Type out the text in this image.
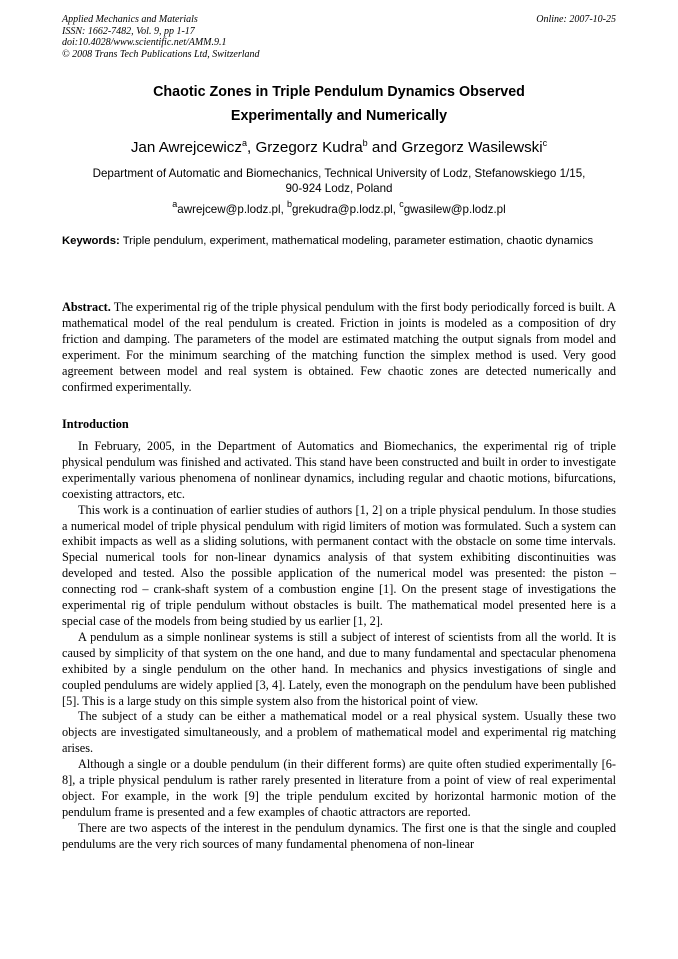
Applied Mechanics and Materials
ISSN: 1662-7482, Vol. 9, pp 1-17
doi:10.4028/www.scientific.net/AMM.9.1
© 2008 Trans Tech Publications Ltd, Switzerland
Online: 2007-10-25
Chaotic Zones in Triple Pendulum Dynamics Observed
Experimentally and Numerically
Jan Awrejcewicz$^a$, Grzegorz Kudra$^b$ and Grzegorz Wasilewski$^c$
Department of Automatic and Biomechanics, Technical University of Lodz, Stefanowskiego 1/15,
90-924 Lodz, Poland
$^a$awrejcew@p.lodz.pl, $^b$grekudra@p.lodz.pl, $^c$gwasilew@p.lodz.pl
Keywords: Triple pendulum, experiment, mathematical modeling, parameter estimation, chaotic dynamics

Abstract. The experimental rig of the triple physical pendulum with the first body periodically forced is built. A mathematical model of the real pendulum is created. Friction in joints is modeled as a composition of dry friction and damping. The parameters of the model are estimated matching the output signals from model and experiment. For the minimum searching of the matching function the simplex method is used. Very good agreement between model and real system is obtained. Few chaotic zones are detected numerically and confirmed experimentally.

Introduction

In February, 2005, in the Department of Automatics and Biomechanics, the experimental rig of triple physical pendulum was finished and activated. This stand have been constructed and built in order to investigate experimentally various phenomena of nonlinear dynamics, including regular and chaotic motions, bifurcations, coexisting attractors, etc.

This work is a continuation of earlier studies of authors [1, 2] on a triple physical pendulum. In those studies a numerical model of triple physical pendulum with rigid limiters of motion was formulated. Such a system can exhibit impacts as well as a sliding solutions, with permanent contact with the obstacle on some time intervals. Special numerical tools for non-linear dynamics analysis of that system exhibiting discontinuities was developed and tested. Also the possible application of the numerical model was presented: the piston – connecting rod – crank-shaft system of a combustion engine [1]. On the present stage of investigations the experimental rig of triple pendulum without obstacles is built. The mathematical model presented here is a special case of the models from being studied by us earlier [1, 2].

A pendulum as a simple nonlinear systems is still a subject of interest of scientists from all the world. It is caused by simplicity of that system on the one hand, and due to many fundamental and spectacular phenomena exhibited by a single pendulum on the other hand. In mechanics and physics investigations of single and coupled pendulums are widely applied [3, 4]. Lately, even the monograph on the pendulum have been published [5]. This is a large study on this simple system also from the historical point of view.

The subject of a study can be either a mathematical model or a real physical system. Usually these two objects are investigated simultaneously, and a problem of mathematical model and experimental rig matching arises.

Although a single or a double pendulum (in their different forms) are quite often studied experimentally [6-8], a triple physical pendulum is rather rarely presented in literature from a point of view of real experimental object. For example, in the work [9] the triple pendulum excited by horizontal harmonic motion of the pendulum frame is presented and a few examples of chaotic attractors are reported.

There are two aspects of the interest in the pendulum dynamics. The first one is that the single and coupled pendulums are the very rich sources of many fundamental phenomena of non-linear
